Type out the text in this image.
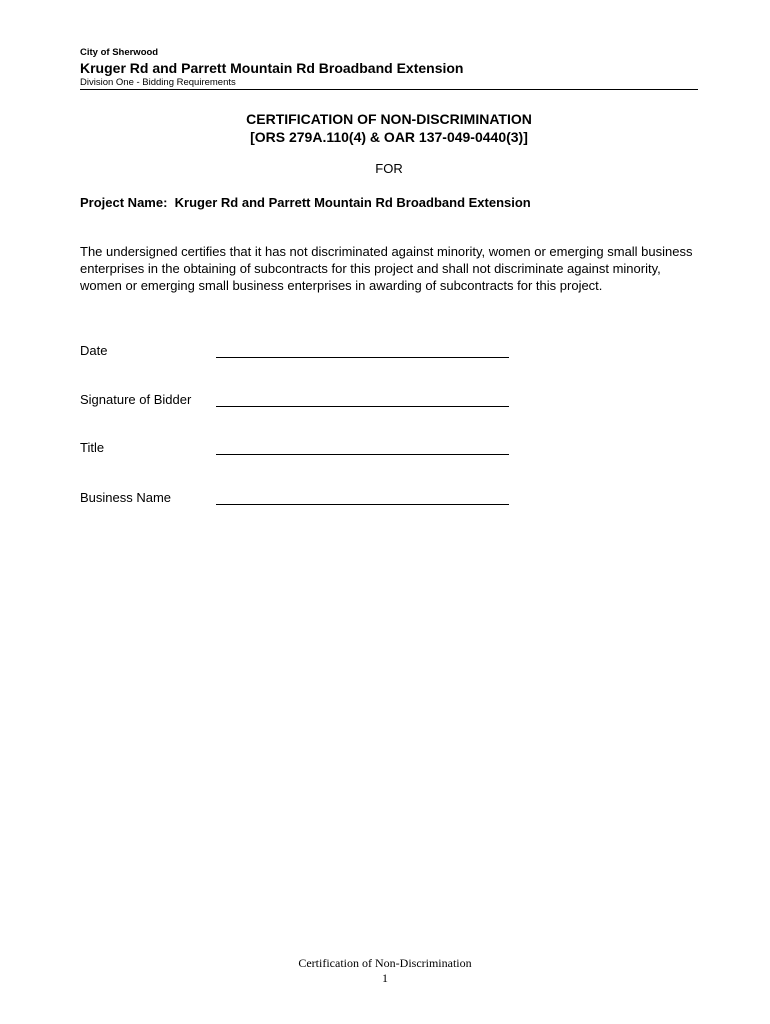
City of Sherwood
Kruger Rd and Parrett Mountain Rd Broadband Extension
Division One - Bidding Requirements
CERTIFICATION OF NON-DISCRIMINATION
[ORS 279A.110(4) & OAR 137-049-0440(3)]
FOR
Project Name: Kruger Rd and Parrett Mountain Rd Broadband Extension
The undersigned certifies that it has not discriminated against minority, women or emerging small business enterprises in the obtaining of subcontracts for this project and shall not discriminate against minority, women or emerging small business enterprises in awarding of subcontracts for this project.
Date
Signature of Bidder
Title
Business Name
Certification of Non-Discrimination
1
